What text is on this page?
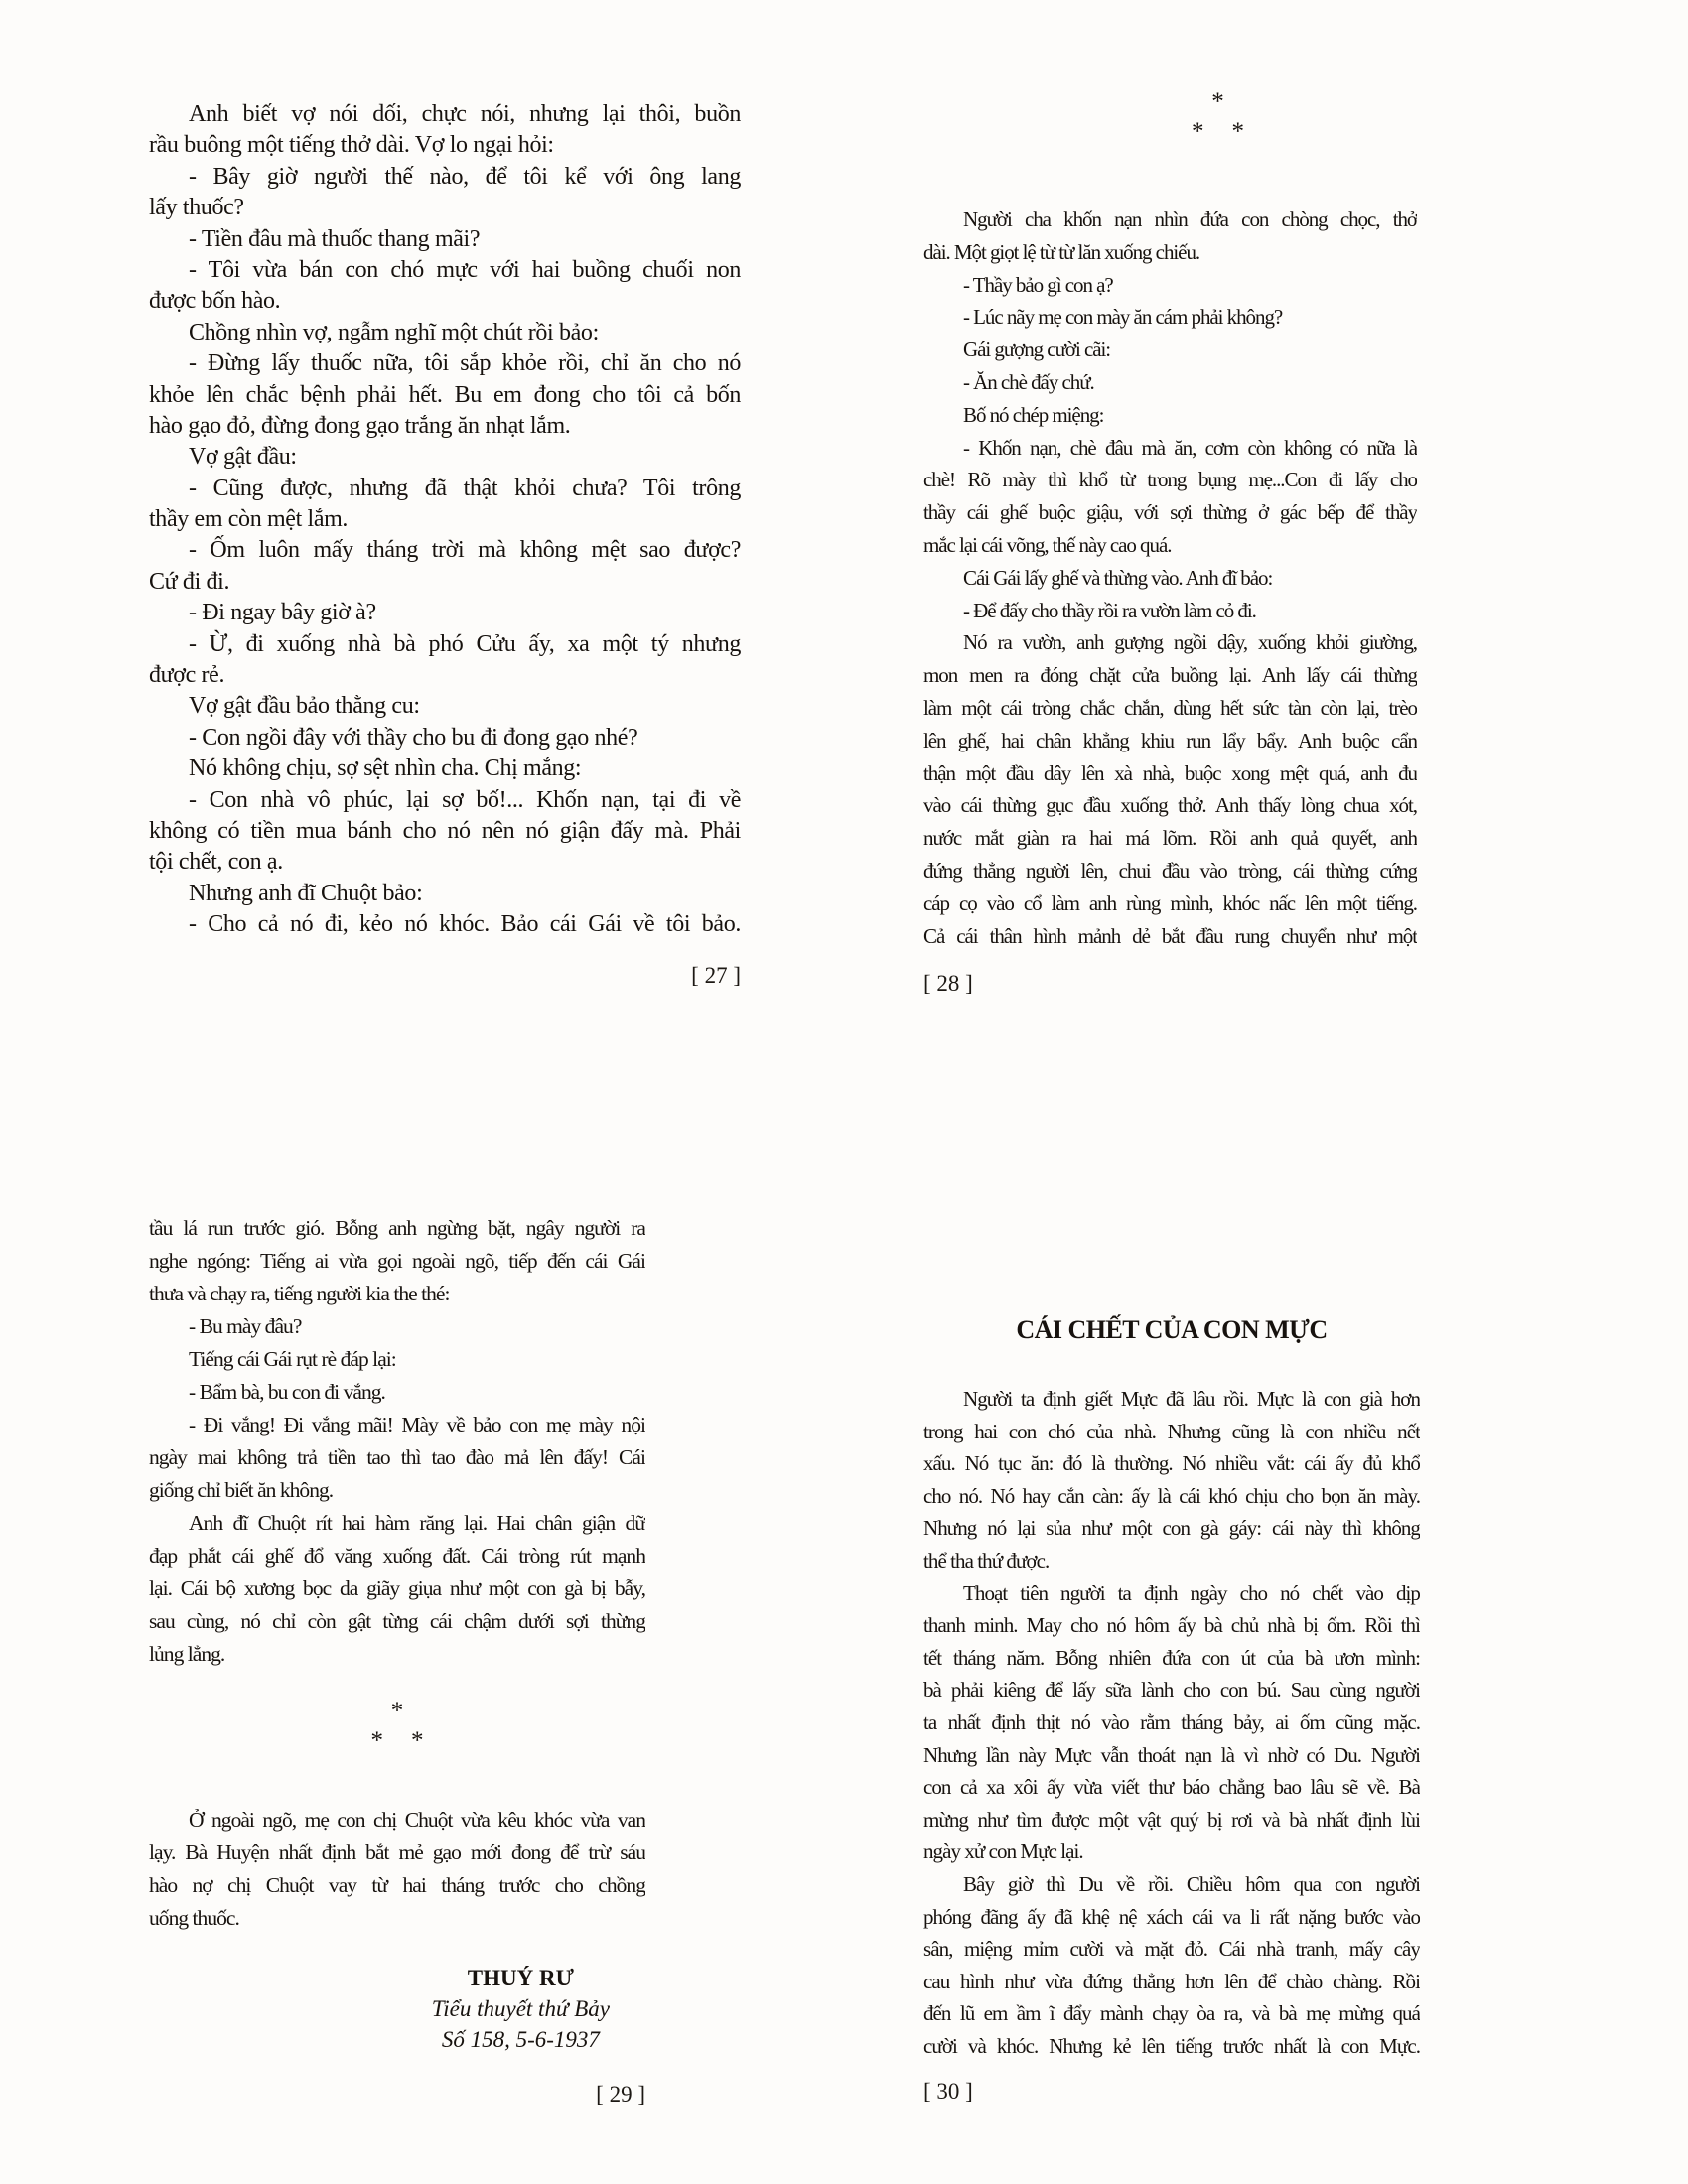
Anh biết vợ nói dối, chực nói, nhưng lại thôi, buồn
rầu buông một tiếng thở dài. Vợ lo ngại hỏi:
- Bây giờ người thế nào, để tôi kể với ông lang
lấy thuốc?
- Tiền đâu mà thuốc thang mãi?
- Tôi vừa bán con chó mực với hai buồng chuối non
được bốn hào.
Chồng nhìn vợ, ngẫm nghĩ một chút rồi bảo:
- Đừng lấy thuốc nữa, tôi sắp khỏe rồi, chỉ ăn cho nó
khỏe lên chắc bệnh phải hết. Bu em đong cho tôi cả bốn
hào gạo đỏ, đừng đong gạo trắng ăn nhạt lắm.
Vợ gật đầu:
- Cũng được, nhưng đã thật khỏi chưa? Tôi trông
thầy em còn mệt lắm.
- Ốm luôn mấy tháng trời mà không mệt sao được?
Cứ đi đi.
- Đi ngay bây giờ à?
- Ừ, đi xuống nhà bà phó Cửu ấy, xa một tý nhưng
được rẻ.
Vợ gật đầu bảo thằng cu:
- Con ngồi đây với thầy cho bu đi đong gạo nhé?
Nó không chịu, sợ sệt nhìn cha. Chị mắng:
- Con nhà vô phúc, lại sợ bố!... Khốn nạn, tại đi về
không có tiền mua bánh cho nó nên nó giận đấy mà. Phải
tội chết, con ạ.
Nhưng anh đĩ Chuột bảo:
- Cho cả nó đi, kẻo nó khóc. Bảo cái Gái về tôi bảo.
[ 27 ]
*
* *
Người cha khốn nạn nhìn đứa con chòng chọc, thở
dài. Một giọt lệ từ từ lăn xuống chiếu.
- Thầy bảo gì con ạ?
- Lúc nãy mẹ con mày ăn cám phải không?
Gái gượng cười cãi:
- Ăn chè đấy chứ.
Bố nó chép miệng:
- Khốn nạn, chè đâu mà ăn, cơm còn không có nữa là
chè! Rõ mày thì khổ từ trong bụng mẹ...Con đi lấy cho
thầy cái ghế buộc giậu, với sợi thừng ở gác bếp để thầy
mắc lại cái võng, thế này cao quá.
Cái Gái lấy ghế và thừng vào. Anh đĩ bảo:
- Để đấy cho thầy rồi ra vườn làm cỏ đi.
Nó ra vườn, anh gượng ngồi dậy, xuống khỏi giường,
mon men ra đóng chặt cửa buồng lại. Anh lấy cái thừng
làm một cái tròng chắc chắn, dùng hết sức tàn còn lại, trèo
lên ghế, hai chân khẳng khiu run lẩy bẩy. Anh buộc cẩn
thận một đầu dây lên xà nhà, buộc xong mệt quá, anh đu
vào cái thừng gục đầu xuống thở. Anh thấy lòng chua xót,
nước mắt giàn ra hai má lõm. Rồi anh quả quyết, anh
đứng thẳng người lên, chui đầu vào tròng, cái thừng cứng
cáp cọ vào cổ làm anh rùng mình, khóc nấc lên một tiếng.
Cả cái thân hình mảnh dẻ bắt đầu rung chuyển như một
[ 28 ]
tầu lá run trước gió. Bỗng anh ngừng bặt, ngây người ra
nghe ngóng: Tiếng ai vừa gọi ngoài ngõ, tiếp đến cái Gái
thưa và chạy ra, tiếng người kia the thé:
- Bu mày đâu?
Tiếng cái Gái rụt rè đáp lại:
- Bẩm bà, bu con đi vắng.
- Đi vắng! Đi vắng mãi! Mày về bảo con mẹ mày nội
ngày mai không trả tiền tao thì tao đào mả lên đấy! Cái
giống chỉ biết ăn không.
Anh đĩ Chuột rít hai hàm răng lại. Hai chân giận dữ
đạp phắt cái ghế đổ văng xuống đất. Cái tròng rút mạnh
lại. Cái bộ xương bọc da giãy giụa như một con gà bị bẫy,
sau cùng, nó chỉ còn gật từng cái chậm dưới sợi thừng
lủng lẳng.
*
* *
Ở ngoài ngõ, mẹ con chị Chuột vừa kêu khóc vừa van
lạy. Bà Huyện nhất định bắt mẻ gạo mới đong để trừ sáu
hào nợ chị Chuột vay từ hai tháng trước cho chồng
uống thuốc.
THUÝ RƯ
Tiểu thuyết thứ Bảy
Số 158, 5-6-1937
[ 29 ]
CÁI CHẾT CỦA CON MỰC
Người ta định giết Mực đã lâu rồi. Mực là con già hơn
trong hai con chó của nhà. Nhưng cũng là con nhiều nết
xấu. Nó tục ăn: đó là thường. Nó nhiều vắt: cái ấy đủ khổ
cho nó. Nó hay cắn càn: ấy là cái khó chịu cho bọn ăn mày.
Nhưng nó lại sủa như một con gà gáy: cái này thì không
thể tha thứ được.
Thoạt tiên người ta định ngày cho nó chết vào dịp
thanh minh. May cho nó hôm ấy bà chủ nhà bị ốm. Rồi thì
tết tháng năm. Bỗng nhiên đứa con út của bà ươn mình:
bà phải kiêng để lấy sữa lành cho con bú. Sau cùng người
ta nhất định thịt nó vào rằm tháng bảy, ai ốm cũng mặc.
Nhưng lần này Mực vẫn thoát nạn là vì nhờ có Du. Người
con cả xa xôi ấy vừa viết thư báo chẳng bao lâu sẽ về. Bà
mừng như tìm được một vật quý bị rơi và bà nhất định lùi
ngày xử con Mực lại.
Bây giờ thì Du về rồi. Chiều hôm qua con người
phóng đãng ấy đã khệ nệ xách cái va li rất nặng bước vào
sân, miệng mỉm cười và mặt đỏ. Cái nhà tranh, mấy cây
cau hình như vừa đứng thẳng hơn lên để chào chàng. Rồi
đến lũ em ầm ĩ đẩy mành chạy òa ra, và bà mẹ mừng quá
cười và khóc. Nhưng kẻ lên tiếng trước nhất là con Mực.
[ 30 ]
